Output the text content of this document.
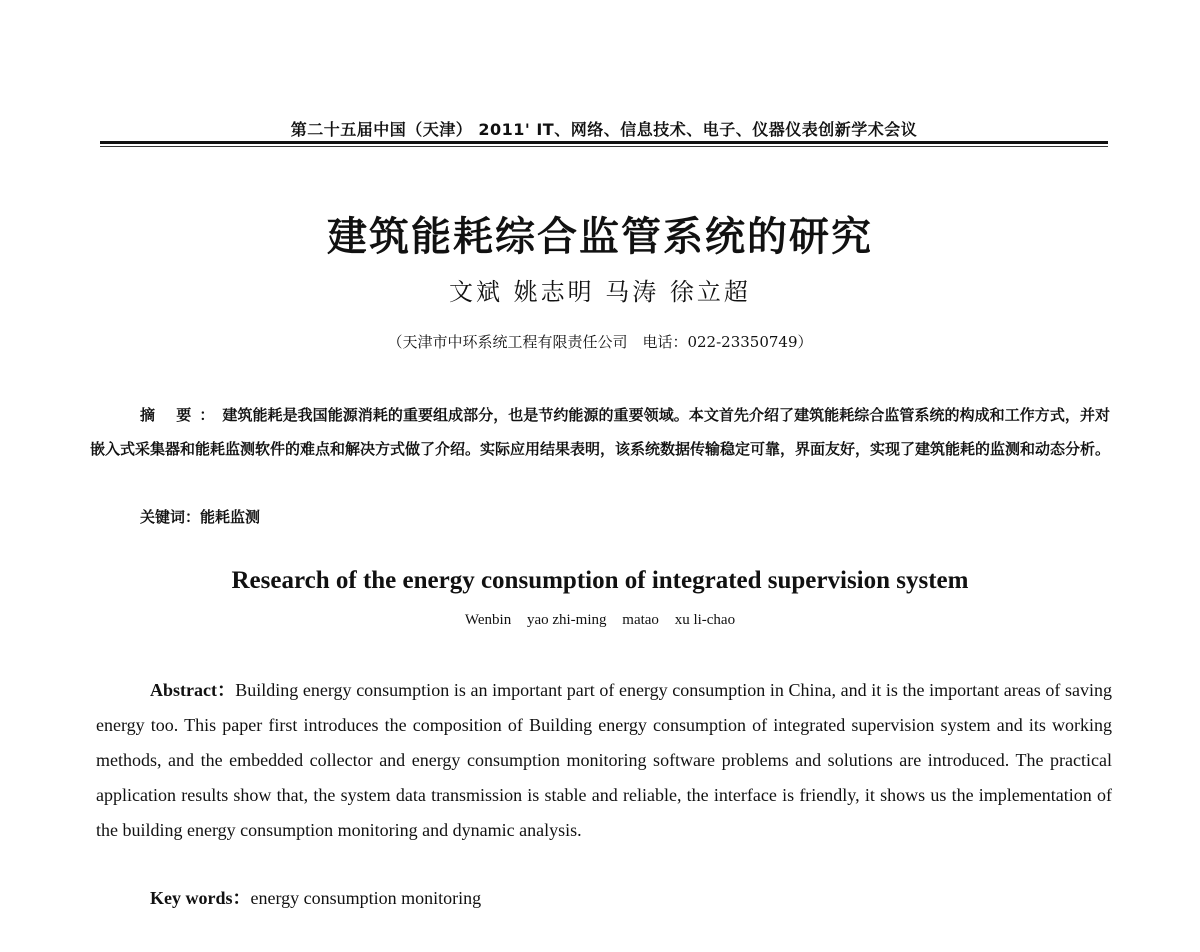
第二十五届中国（天津） 2011' IT、网络、信息技术、电子、仪器仪表创新学术会议
建筑能耗综合监管系统的研究
文斌 姚志明 马涛 徐立超
（天津市中环系统工程有限责任公司　电话：022-23350749）
摘 要：建筑能耗是我国能源消耗的重要组成部分，也是节约能源的重要领域。本文首先介绍了建筑能耗综合监管系统的构成和工作方式，并对嵌入式采集器和能耗监测软件的难点和解决方式做了介绍。实际应用结果表明，该系统数据传输稳定可靠，界面友好，实现了建筑能耗的监测和动态分析。
关键词：能耗监测
Research of the energy consumption of integrated supervision system
Wenbin yao zhi-ming matao xu li-chao
Abstract：Building energy consumption is an important part of energy consumption in China, and it is the important areas of saving energy too. This paper first introduces the composition of Building energy consumption of integrated supervision system and its working methods, and the embedded collector and energy consumption monitoring software problems and solutions are introduced. The practical application results show that, the system data transmission is stable and reliable, the interface is friendly, it shows us the implementation of the building energy consumption monitoring and dynamic analysis.
Key words：energy consumption monitoring
